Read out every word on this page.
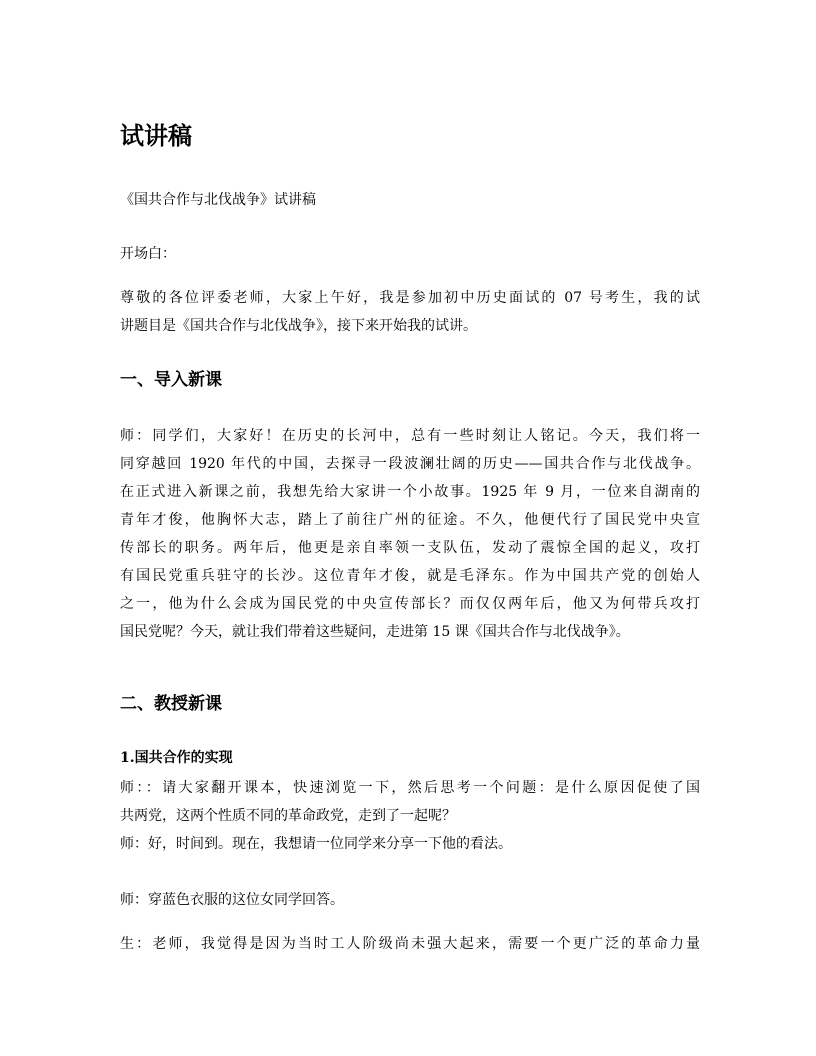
试讲稿

《国共合作与北伐战争》试讲稿

开场白：

尊敬的各位评委老师，大家上午好，我是参加初中历史面试的 07 号考生，我的试
讲题目是《国共合作与北伐战争》，接下来开始我的试讲。

一、导入新课

师：同学们，大家好！在历史的长河中，总有一些时刻让人铭记。今天，我们将一
同穿越回 1920 年代的中国，去探寻一段波澜壮阔的历史——国共合作与北伐战争。
在正式进入新课之前，我想先给大家讲一个小故事。1925 年 9 月，一位来自湖南的
青年才俊，他胸怀大志，踏上了前往广州的征途。不久，他便代行了国民党中央宣
传部长的职务。两年后，他更是亲自率领一支队伍，发动了震惊全国的起义，攻打
有国民党重兵驻守的长沙。这位青年才俊，就是毛泽东。作为中国共产党的创始人
之一，他为什么会成为国民党的中央宣传部长？而仅仅两年后，他又为何带兵攻打
国民党呢？今天，就让我们带着这些疑问，走进第 15 课《国共合作与北伐战争》。

二、教授新课
1.国共合作的实现

师：：请大家翻开课本，快速浏览一下，然后思考一个问题：是什么原因促使了国
共两党，这两个性质不同的革命政党，走到了一起呢？
师：好，时间到。现在，我想请一位同学来分享一下他的看法。

师：穿蓝色衣服的这位女同学回答。

生：老师，我觉得是因为当时工人阶级尚未强大起来，需要一个更广泛的革命力量
